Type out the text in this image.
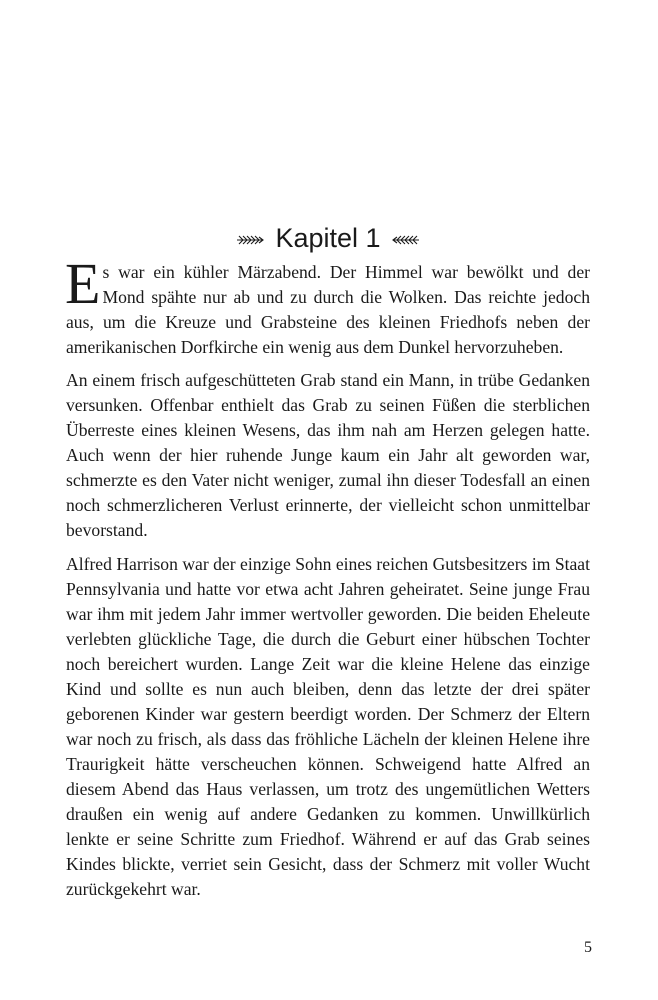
Kapitel 1

Es war ein kühler Märzabend. Der Himmel war bewölkt und der Mond spähte nur ab und zu durch die Wolken. Das reichte jedoch aus, um die Kreuze und Grabsteine des kleinen Friedhofs neben der amerikanischen Dorfkirche ein wenig aus dem Dunkel hervorzuheben.

An einem frisch aufgeschütteten Grab stand ein Mann, in trübe Gedanken versunken. Offenbar enthielt das Grab zu seinen Füßen die sterblichen Überreste eines kleinen Wesens, das ihm nah am Herzen gelegen hatte. Auch wenn der hier ruhende Junge kaum ein Jahr alt geworden war, schmerzte es den Vater nicht weniger, zumal ihn dieser Todesfall an einen noch schmerzlicheren Verlust erinnerte, der vielleicht schon unmittelbar bevorstand.

Alfred Harrison war der einzige Sohn eines reichen Gutsbesitzers im Staat Pennsylvania und hatte vor etwa acht Jahren geheiratet. Seine junge Frau war ihm mit jedem Jahr immer wertvoller geworden. Die beiden Eheleute verlebten glückliche Tage, die durch die Geburt einer hübschen Tochter noch bereichert wurden. Lange Zeit war die kleine Helene das einzige Kind und sollte es nun auch bleiben, denn das letzte der drei später geborenen Kinder war gestern beerdigt worden. Der Schmerz der Eltern war noch zu frisch, als dass das fröhliche Lächeln der kleinen Helene ihre Traurigkeit hätte verscheuchen können. Schweigend hatte Alfred an diesem Abend das Haus verlassen, um trotz des ungemütlichen Wetters draußen ein wenig auf andere Gedanken zu kommen. Unwillkürlich lenkte er seine Schritte zum Friedhof. Während er auf das Grab seines Kindes blickte, verriet sein Gesicht, dass der Schmerz mit voller Wucht zurückgekehrt war.

5
